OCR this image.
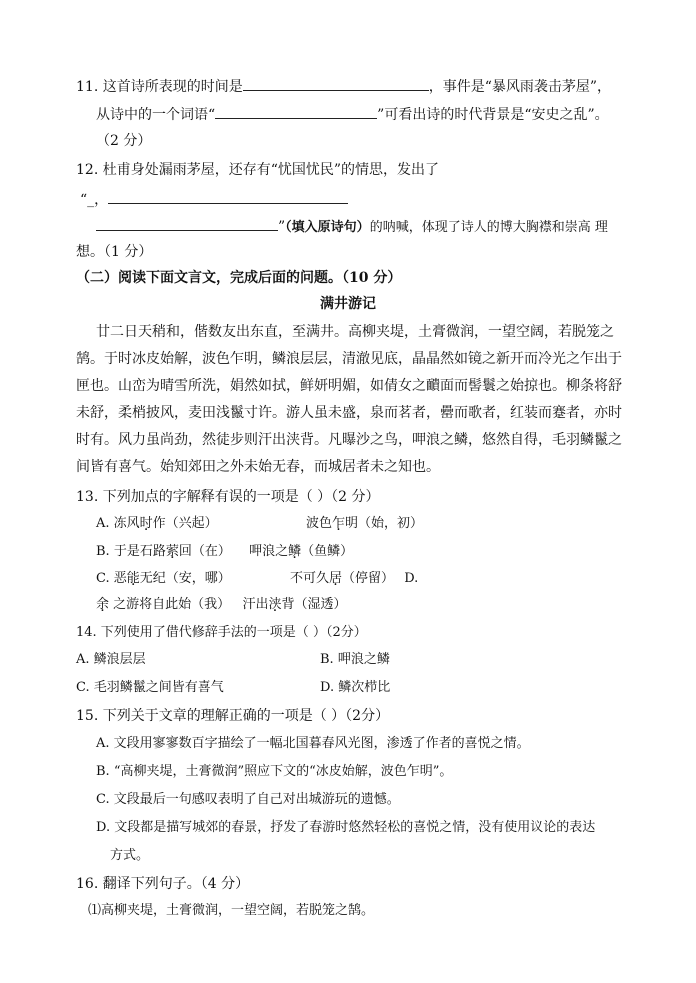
11. 这首诗所表现的时间是	，事件是“暴风雨袭击茅屋”，
从诗中的一个词语“	”可看出诗的时代背景是“安史之乱”。
（2 分）
12. 杜甫身处漏雨茅屋，还存有“忧国忧民”的情思，发出了
“_，
”（填入原诗句）的呐喊，体现了诗人的博大胸襟和崇高 理
想。（1 分）
（二）阅读下面文言文，完成后面的问题。（10 分）
满井游记
廿二日天稍和，偕数友出东直，至满井。高柳夹堤，土膏微润，一望空阔，若脱笼之
鹄。于时冰皮始解，波色乍明，鳞浪层层，清澈见底，晶晶然如镜之新开而冷光之乍出于
匣也。山峦为晴雪所洗，娟然如拭，鲜妍明媚，如倩女之靧面而髻鬟之始掠也。柳条将舒
未舒，柔梢披风，麦田浅鬣寸许。游人虽未盛，泉而茗者，罍而歌者，红装而蹇者，亦时
时有。风力虽尚劲，然徒步则汗出浃背。凡曝沙之鸟，呷浪之鳞，悠然自得，毛羽鳞鬣之
间皆有喜气。始知郊田之外未始无春，而城居者未之知也。
13. 下列加点的字解释有误的一项是（ ）（2 分）
A. 冻风时作（兴起）	波色乍明（始，初）
B. 于是石路萦回（在） 呷浪之鳞（鱼鳞）
C. 恶能无纪（安，哪）	不可久居（停留） D.
余 之游将自此始（我） 汗出浃背（湿透）
14. 下列使用了借代修辞手法的一项是（ ）（2分）
A. 鳞浪层层	B. 呷浪之鳞
C. 毛羽鳞鬣之间皆有喜气	D. 鳞次栉比
15. 下列关于文章的理解正确的一项是（ ）（2分）
A. 文段用寥寥数百字描绘了一幅北国暮春风光图，渗透了作者的喜悦之情。
B. “高柳夹堤，土膏微润”照应下文的“冰皮始解，波色乍明”。
C. 文段最后一句感叹表明了自己对出城游玩的遗憾。
D. 文段都是描写城郊的春景，抒发了春游时悠然轻松的喜悦之情，没有使用议论的表达
方式。
16. 翻译下列句子。（4 分）
⑴高柳夹堤，土膏微润，一望空阔，若脱笼之鹄。
